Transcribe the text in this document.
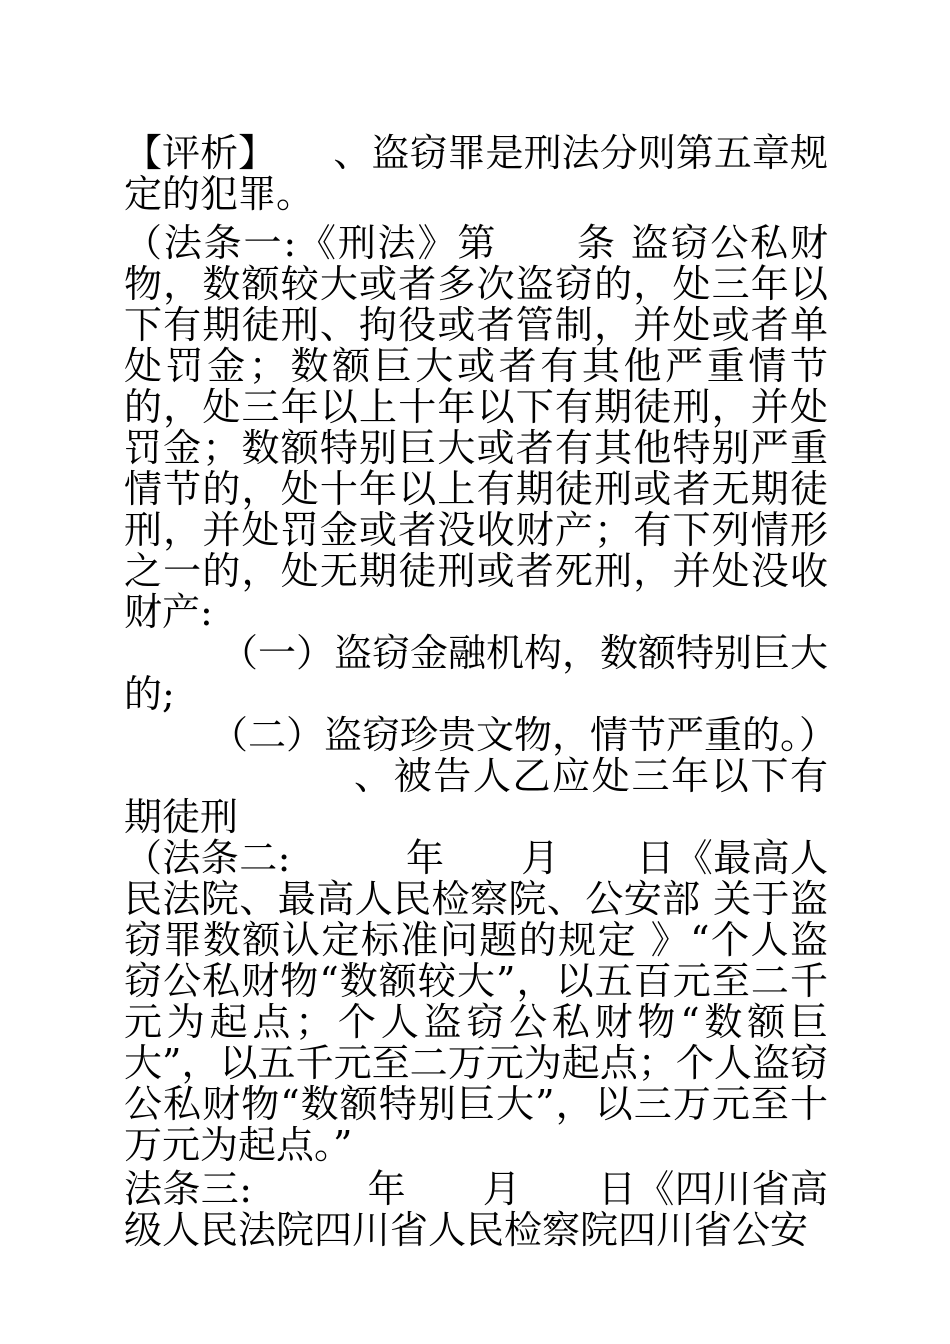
【评析】　　、盗窃罪是刑法分则第五章规定的犯罪。

（法条一:《刑法》第　　条 盗窃公私财物，数额较大或者多次盗窃的，处三年以下有期徒刑、拘役或者管制，并处或者单处罚金；数额巨大或者有其他严重情节的，处三年以上十年以下有期徒刑，并处罚金；数额特别巨大或者有其他特别严重情节的，处十年以上有期徒刑或者无期徒刑，并处罚金或者没收财产；有下列情形之一的，处无期徒刑或者死刑，并处没收财产:

（一）盗窃金融机构，数额特别巨大的;

（二）盗窃珍贵文物，情节严重的。）

、被告人乙应处三年以下有期徒刑

（法条二:　　　年　　月　　日《最高人民法院、最高人民检察院、公安部 关于盗窃罪数额认定标准问题的规定 》“个人盗窃公私财物“数额较大”，以五百元至二千元为起点；个人盗窃公私财物“数额巨大”，以五千元至二万元为起点；个人盗窃公私财物“数额特别巨大”，以三万元至十万元为起点。”

法条三:　　　年　　月　　日《四川省高级人民法院四川省人民检察院四川省公安
